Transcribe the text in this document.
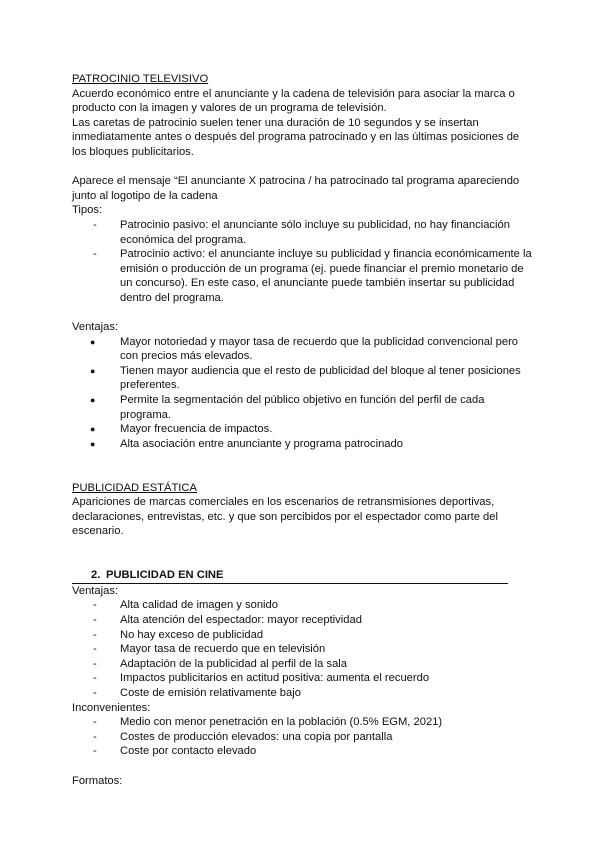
PATROCINIO TELEVISIVO

Acuerdo económico entre el anunciante y la cadena de televisión para asociar la marca o producto con la imagen y valores de un programa de televisión.

Las caretas de patrocinio suelen tener una duración de 10 segundos y se insertan inmediatamente antes o después del programa patrocinado y en las últimas posiciones de los bloques publicitarios.

Aparece el mensaje “El anunciante X patrocina / ha patrocinado tal programa apareciendo junto al logotipo de la cadena

Tipos:

- Patrocinio pasivo: el anunciante sólo incluye su publicidad, no hay financiación económica del programa.
- Patrocinio activo: el anunciante incluye su publicidad y financia económicamente la emisión o producción de un programa (ej. puede financiar el premio monetario de un concurso). En este caso, el anunciante puede también insertar su publicidad dentro del programa.

Ventajas:

● Mayor notoriedad y mayor tasa de recuerdo que la publicidad convencional pero con precios más elevados.
● Tienen mayor audiencia que el resto de publicidad del bloque al tener posiciones preferentes.
● Permite la segmentación del público objetivo en función del perfil de cada programa.
● Mayor frecuencia de impactos.
● Alta asociación entre anunciante y programa patrocinado

PUBLICIDAD ESTÁTICA

Apariciones de marcas comerciales en los escenarios de retransmisiones deportivas, declaraciones, entrevistas, etc. y que son percibidos por el espectador como parte del escenario.

2. PUBLICIDAD EN CINE

Ventajas:

- Alta calidad de imagen y sonido
- Alta atención del espectador: mayor receptividad
- No hay exceso de publicidad
- Mayor tasa de recuerdo que en televisión
- Adaptación de la publicidad al perfil de la sala
- Impactos publicitarios en actitud positiva: aumenta el recuerdo
- Coste de emisión relativamente bajo

Inconvenientes:

- Medio con menor penetración en la población (0.5% EGM, 2021)
- Costes de producción elevados: una copia por pantalla
- Coste por contacto elevado

Formatos:
